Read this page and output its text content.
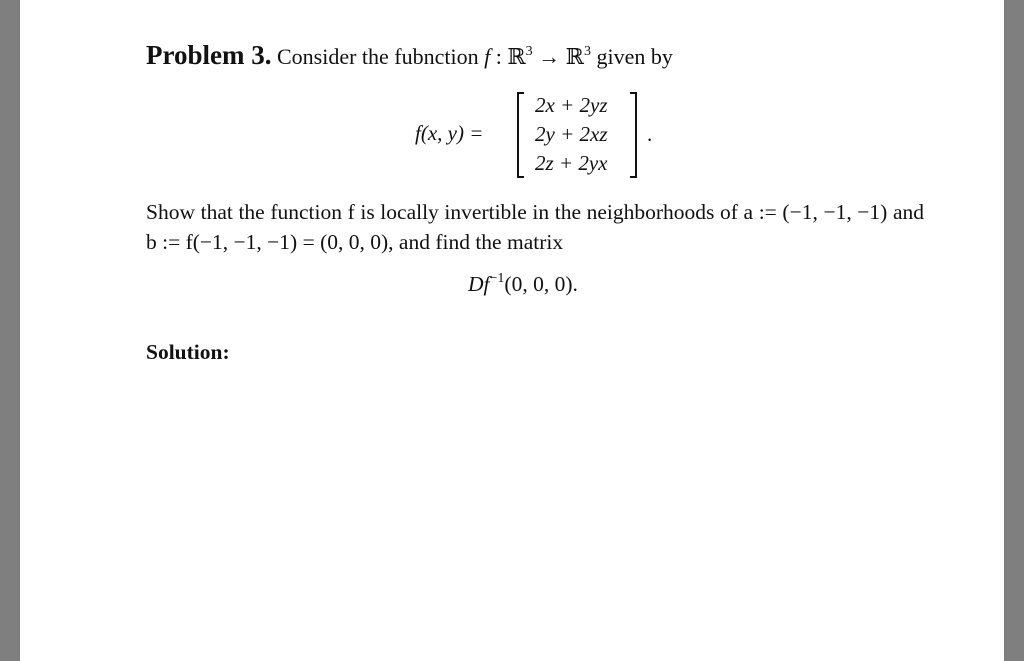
Problem 3. Consider the fubnction f : ℝ$^3$ → ℝ$^3$ given by
f(x, y) =
2x + 2yz
2y + 2xz
2z + 2yx
.
Show that the function f is locally invertible in the neighborhoods of a := (−1, −1, −1) and b := f(−1, −1, −1) = (0, 0, 0), and find the matrix
$Df^{-1}(0$, 0, 0).
Solution:
